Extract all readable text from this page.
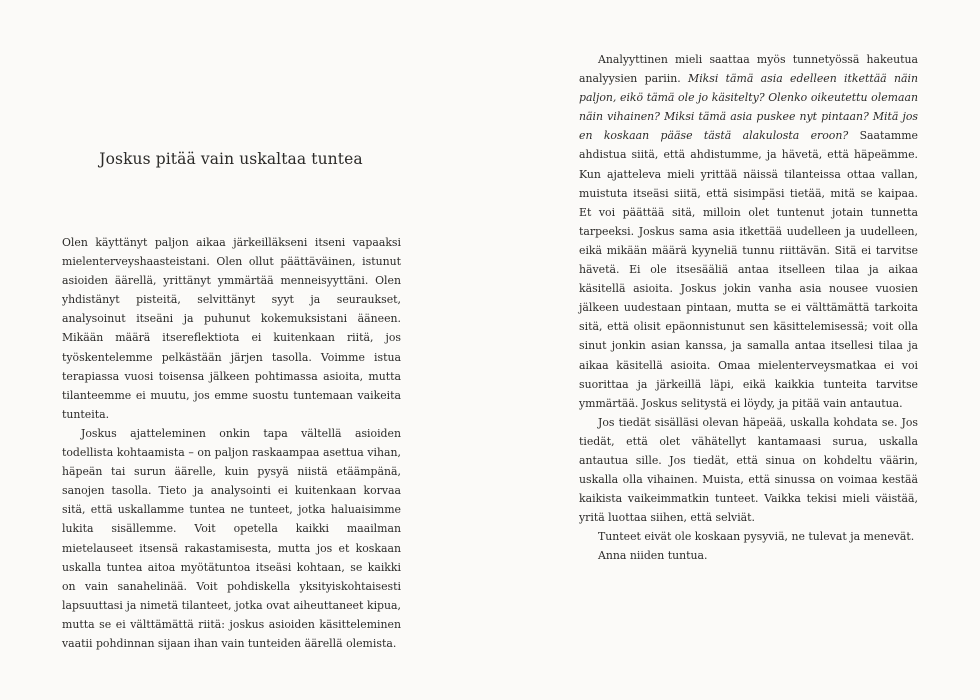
Joskus pitää vain uskaltaa tuntea

Olen käyttänyt paljon aikaa järkeilläkseni itseni vapaaksi mielenterveyshaasteistani. Olen ollut päättäväinen, istunut asioiden äärellä, yrittänyt ymmärtää menneisyyttäni. Olen yhdistänyt pisteitä, selvittänyt syyt ja seuraukset, analysoinut itseäni ja puhunut kokemuksistani ääneen. Mikään määrä itsereflektiota ei kuitenkaan riitä, jos työskentelemme pelkästään järjen tasolla. Voimme istua terapiassa vuosi toisensa jälkeen pohtimassa asioita, mutta tilanteemme ei muutu, jos emme suostu tuntemaan vaikeita tunteita.

Joskus ajatteleminen onkin tapa vältellä asioiden todellista kohtaamista – on paljon raskaampaa asettua vihan, häpeän tai surun äärelle, kuin pysyä niistä etäämpänä, sanojen tasolla. Tieto ja analysointi ei kuitenkaan korvaa sitä, että uskallamme tuntea ne tunteet, jotka haluaisimme lukita sisällemme. Voit opetella kaikki maailman mietelauseet itsensä rakastamisesta, mutta jos et koskaan uskalla tuntea aitoa myötätuntoa itseäsi kohtaan, se kaikki on vain sanahelinää. Voit pohdiskella yksityiskohtaisesti lapsuuttasi ja nimetä tilanteet, jotka ovat aiheuttaneet kipua, mutta se ei välttämättä riitä: joskus asioiden käsitteleminen vaatii pohdinnan sijaan ihan vain tunteiden äärellä olemista.

Analyyttinen mieli saattaa myös tunnetyössä hakeutua analyysien pariin. Miksi tämä asia edelleen itkettää näin paljon, eikö tämä ole jo käsitelty? Olenko oikeutettu olemaan näin vihainen? Miksi tämä asia puskee nyt pintaan? Mitä jos en koskaan pääse tästä alakulosta eroon? Saatamme ahdistua siitä, että ahdistumme, ja hävetä, että häpeämme. Kun ajatteleva mieli yrittää näissä tilanteissa ottaa vallan, muistuta itseäsi siitä, että sisimpäsi tietää, mitä se kaipaa. Et voi päättää sitä, milloin olet tuntenut jotain tunnetta tarpeeksi. Joskus sama asia itkettää uudelleen ja uudelleen, eikä mikään määrä kyyneliä tunnu riittävän. Sitä ei tarvitse hävetä. Ei ole itsesääliä antaa itselleen tilaa ja aikaa käsitellä asioita. Joskus jokin vanha asia nousee vuosien jälkeen uudestaan pintaan, mutta se ei välttämättä tarkoita sitä, että olisit epäonnistunut sen käsittelemisessä; voit olla sinut jonkin asian kanssa, ja samalla antaa itsellesi tilaa ja aikaa käsitellä asioita. Omaa mielenterveysmatkaa ei voi suorittaa ja järkeillä läpi, eikä kaikkia tunteita tarvitse ymmärtää. Joskus selitystä ei löydy, ja pitää vain antautua.

Jos tiedät sisälläsi olevan häpeää, uskalla kohdata se. Jos tiedät, että olet vähätellyt kantamaasi surua, uskalla antautua sille. Jos tiedät, että sinua on kohdeltu väärin, uskalla olla vihainen. Muista, että sinussa on voimaa kestää kaikista vaikeimmatkin tunteet. Vaikka tekisi mieli väistää, yritä luottaa siihen, että selviät.

Tunteet eivät ole koskaan pysyviä, ne tulevat ja menevät.

Anna niiden tuntua.
